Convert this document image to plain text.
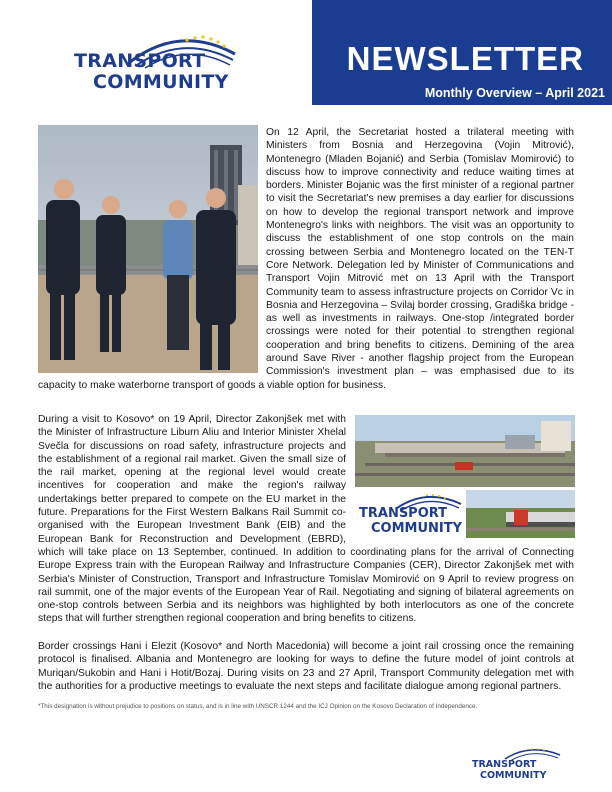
TRANSPORT
COMMUNITY
NEWSLETTER
Monthly Overview – April 2021
On 12 April, the Secretariat hosted a trilateral meeting with Ministers from Bosnia and Herzegovina (Vojin Mitrović), Montenegro (Mladen Bojanić) and Serbia (Tomislav Momirović) to discuss how to improve connectivity and reduce waiting times at borders. Minister Bojanic was the first minister of a regional partner to visit the Secretariat's new premises a day earlier for discussions on how to develop the regional transport network and improve Montenegro's links with neighbors. The visit was an opportunity to discuss the establishment of one stop controls on the main crossing between Serbia and Montenegro located on the TEN-T Core Network. Delegation led by Minister of Communications and Transport Vojin Mitrović met on 13 April with the Transport Community team to assess infrastructure projects on Corridor Vc in Bosnia and Herzegovina – Svilaj border crossing, Gradiška bridge - as well as investments in railways. One-stop /integrated border crossings were noted for their potential to strengthen regional cooperation and bring benefits to citizens. Demining of the area around Save River - another flagship project from the European Commission's investment plan – was emphasised due to its capacity to make waterborne transport of goods a viable option for business.
TRANSPORT
COMMUNITY
During a visit to Kosovo* on 19 April, Director Zakonjšek met with the Minister of Infrastructure Liburn Aliu and Interior Minister Xhelal Svečla for discussions on road safety, infrastructure projects and the establishment of a regional rail market. Given the small size of the rail market, opening at the regional level would create incentives for cooperation and make the region's railway undertakings better prepared to compete on the EU market in the future. Preparations for the First Western Balkans Rail Summit co-organised with the European Investment Bank (EIB) and the European Bank for Reconstruction and Development (EBRD), which will take place on 13 September, continued. In addition to coordinating plans for the arrival of Connecting Europe Express train with the European Railway and Infrastructure Companies (CER), Director Zakonjšek met with Serbia's Minister of Construction, Transport and Infrastructure Tomislav Momirović on 9 April to review progress on rail summit, one of the major events of the European Year of Rail. Negotiating and signing of bilateral agreements on one-stop controls between Serbia and its neighbors was highlighted by both interlocutors as one of the concrete steps that will further strengthen regional cooperation and bring benefits to citizens.
Border crossings Hani i Elezit (Kosovo* and North Macedonia) will become a joint rail crossing once the remaining protocol is finalised. Albania and Montenegro are looking for ways to define the future model of joint controls at Muriqan/Sukobin and Hani i Hotit/Bozaj. During visits on 23 and 27 April, Transport Community delegation met with the authorities for a productive meetings to evaluate the next steps and facilitate dialogue among regional partners.
*This designation is without prejudice to positions on status, and is in line with UNSCR 1244 and the ICJ Opinion on the Kosovo Declaration of Independence.
TRANSPORT
COMMUNITY
